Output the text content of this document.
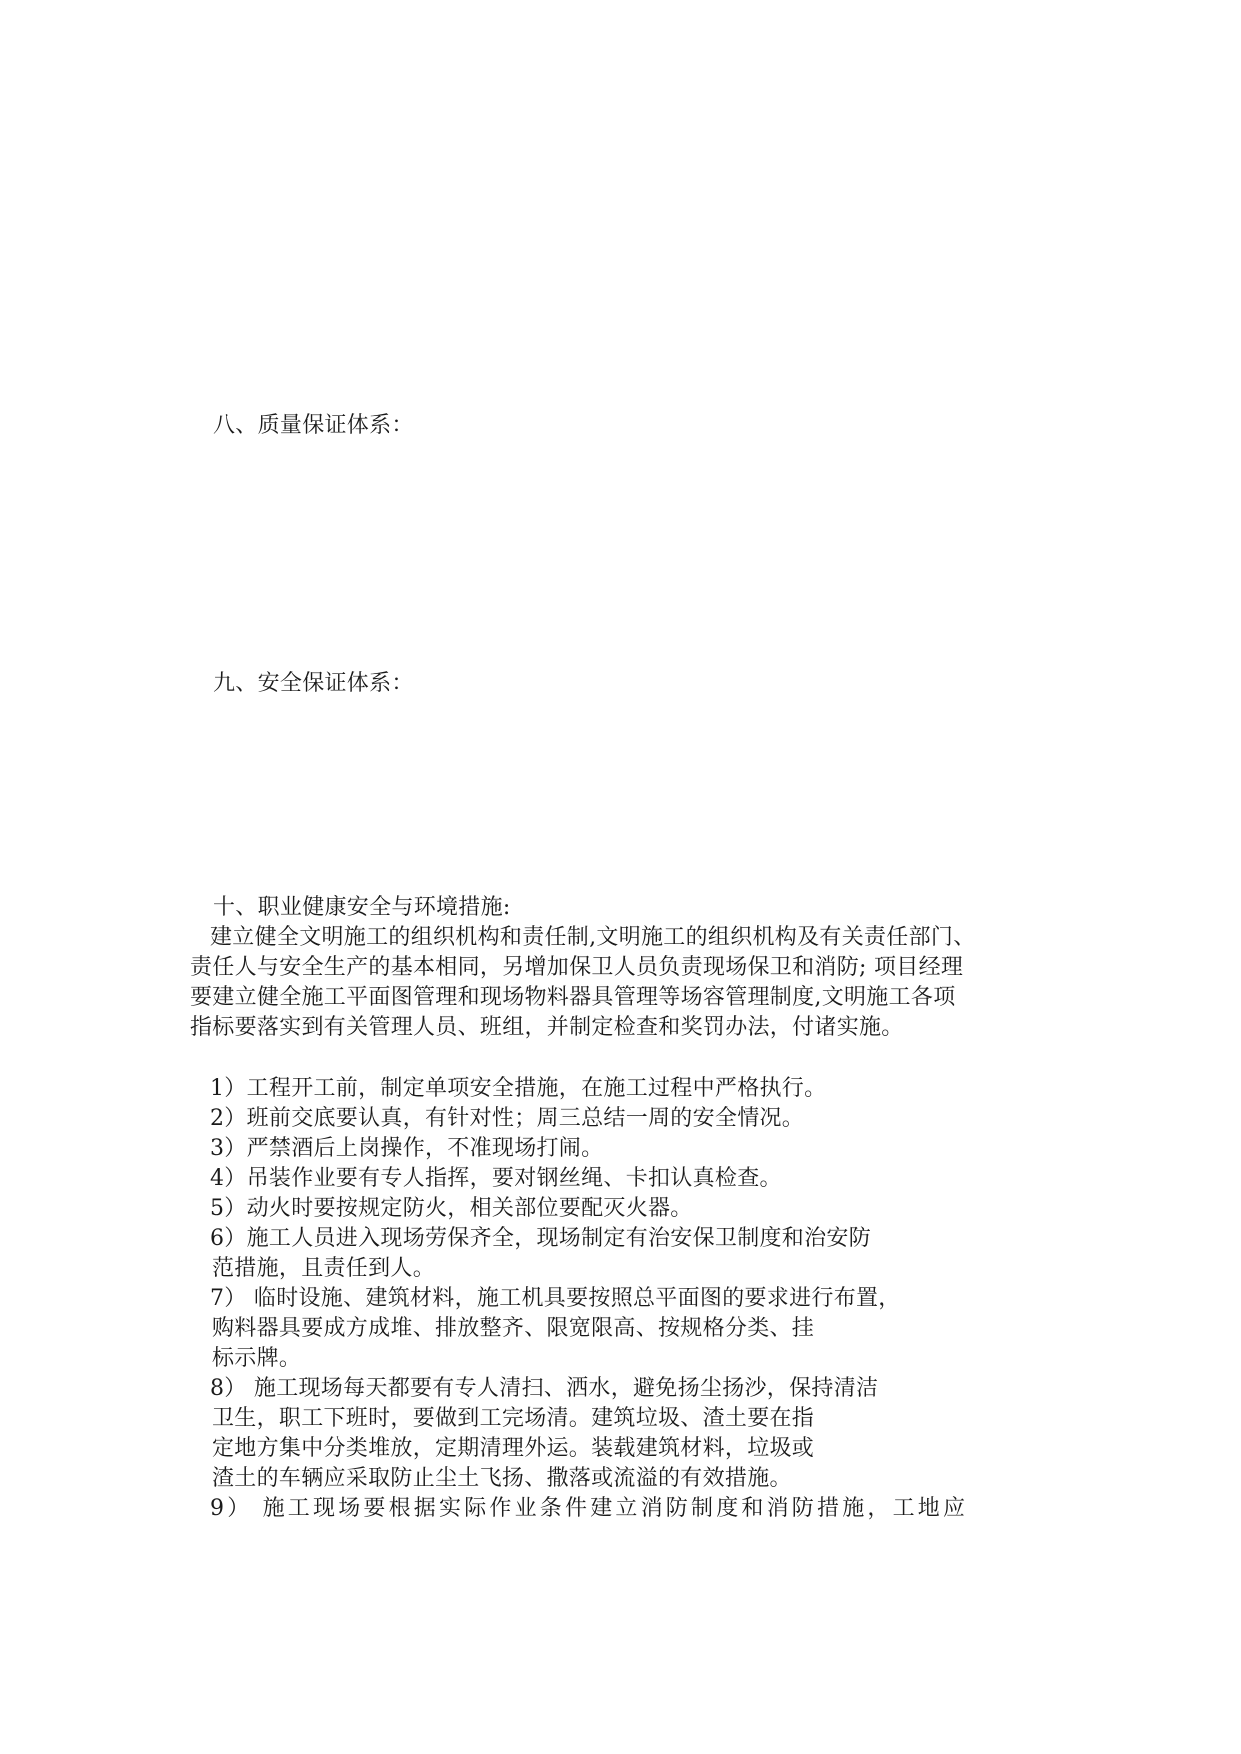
八、质量保证体系：
九、安全保证体系：
十、职业健康安全与环境措施:
建立健全文明施工的组织机构和责任制,文明施工的组织机构及有关责任部门、
责任人与安全生产的基本相同，另增加保卫人员负责现场保卫和消防; 项目经理
要建立健全施工平面图管理和现场物料器具管理等场容管理制度,文明施工各项
指标要落实到有关管理人员、班组，并制定检查和奖罚办法，付诸实施。
1）工程开工前，制定单项安全措施，在施工过程中严格执行。
2）班前交底要认真，有针对性；周三总结一周的安全情况。
3）严禁酒后上岗操作，不准现场打闹。
4）吊装作业要有专人指挥，要对钢丝绳、卡扣认真检查。
5）动火时要按规定防火，相关部位要配灭火器。
6）施工人员进入现场劳保齐全，现场制定有治安保卫制度和治安防
范措施，且责任到人。
7） 临时设施、建筑材料，施工机具要按照总平面图的要求进行布置，
购料器具要成方成堆、排放整齐、限宽限高、按规格分类、挂
标示牌。
8） 施工现场每天都要有专人清扫、洒水，避免扬尘扬沙，保持清洁
卫生，职工下班时，要做到工完场清。建筑垃圾、渣土要在指
定地方集中分类堆放，定期清理外运。装载建筑材料，垃圾或
渣土的车辆应采取防止尘土飞扬、撒落或流溢的有效措施。
9） 施工现场要根据实际作业条件建立消防制度和消防措施，工地应
